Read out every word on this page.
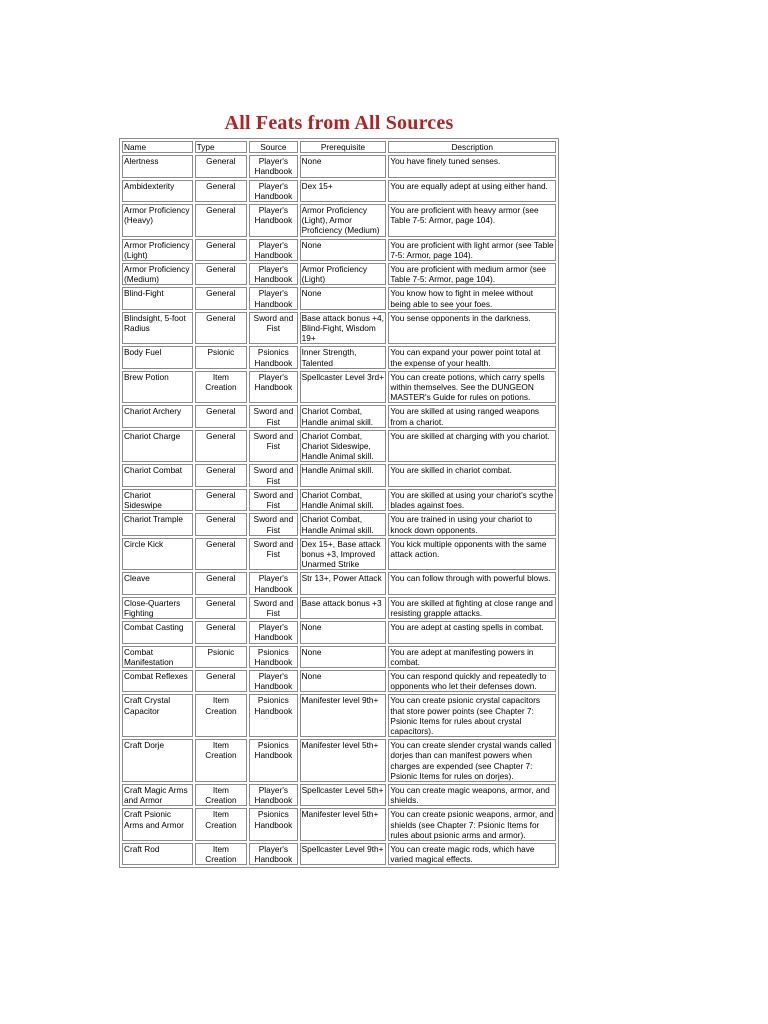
All Feats from All Sources
Name	Type	Source	Prerequisite	Description
Alertness	General	Player's Handbook	None	You have finely tuned senses.
Ambidexterity	General	Player's Handbook	Dex 15+	You are equally adept at using either hand.
Armor Proficiency (Heavy)	General	Player's Handbook	Armor Proficiency (Light), Armor Proficiency (Medium)	You are proficient with heavy armor (see Table 7-5: Armor, page 104).
Armor Proficiency (Light)	General	Player's Handbook	None	You are proficient with light armor (see Table 7-5: Armor, page 104).
Armor Proficiency (Medium)	General	Player's Handbook	Armor Proficiency (Light)	You are proficient with medium armor (see Table 7-5: Armor, page 104).
Blind-Fight	General	Player's Handbook	None	You know how to fight in melee without being able to see your foes.
Blindsight, 5-foot Radius	General	Sword and Fist	Base attack bonus +4, Blind-Fight, Wisdom 19+	You sense opponents in the darkness.
Body Fuel	Psionic	Psionics Handbook	Inner Strength, Talented	You can expand your power point total at the expense of your health.
Brew Potion	Item Creation	Player's Handbook	Spellcaster Level 3rd+	You can create potions, which carry spells within themselves. See the DUNGEON MASTER's Guide for rules on potions.
Chariot Archery	General	Sword and Fist	Chariot Combat, Handle animal skill.	You are skilled at using ranged weapons from a chariot.
Chariot Charge	General	Sword and Fist	Chariot Combat, Chariot Sideswipe, Handle Animal skill.	You are skilled at charging with you chariot.
Chariot Combat	General	Sword and Fist	Handle Animal skill.	You are skilled in chariot combat.
Chariot Sideswipe	General	Sword and Fist	Chariot Combat, Handle Animal skill.	You are skilled at using your chariot's scythe blades against foes.
Chariot Trample	General	Sword and Fist	Chariot Combat, Handle Animal skill.	You are trained in using your chariot to knock down opponents.
Circle Kick	General	Sword and Fist	Dex 15+, Base attack bonus +3, Improved Unarmed Strike	You kick multiple opponents with the same attack action.
Cleave	General	Player's Handbook	Str 13+, Power Attack	You can follow through with powerful blows.
Close-Quarters Fighting	General	Sword and Fist	Base attack bonus +3	You are skilled at fighting at close range and resisting grapple attacks.
Combat Casting	General	Player's Handbook	None	You are adept at casting spells in combat.
Combat Manifestation	Psionic	Psionics Handbook	None	You are adept at manifesting powers in combat.
Combat Reflexes	General	Player's Handbook	None	You can respond quickly and repeatedly to opponents who let their defenses down.
Craft Crystal Capacitor	Item Creation	Psionics Handbook	Manifester level 9th+	You can create psionic crystal capacitors that store power points (see Chapter 7: Psionic Items for rules about crystal capacitors).
Craft Dorje	Item Creation	Psionics Handbook	Manifester level 5th+	You can create slender crystal wands called dorjes than can manifest powers when charges are expended (see Chapter 7: Psionic Items for rules on dorjes).
Craft Magic Arms and Armor	Item Creation	Player's Handbook	Spellcaster Level 5th+	You can create magic weapons, armor, and shields.
Craft Psionic Arms and Armor	Item Creation	Psionics Handbook	Manifester level 5th+	You can create psionic weapons, armor, and shields (see Chapter 7: Psionic Items for rules about psionic arms and armor).
Craft Rod	Item Creation	Player's Handbook	Spellcaster Level 9th+	You can create magic rods, which have varied magical effects.
